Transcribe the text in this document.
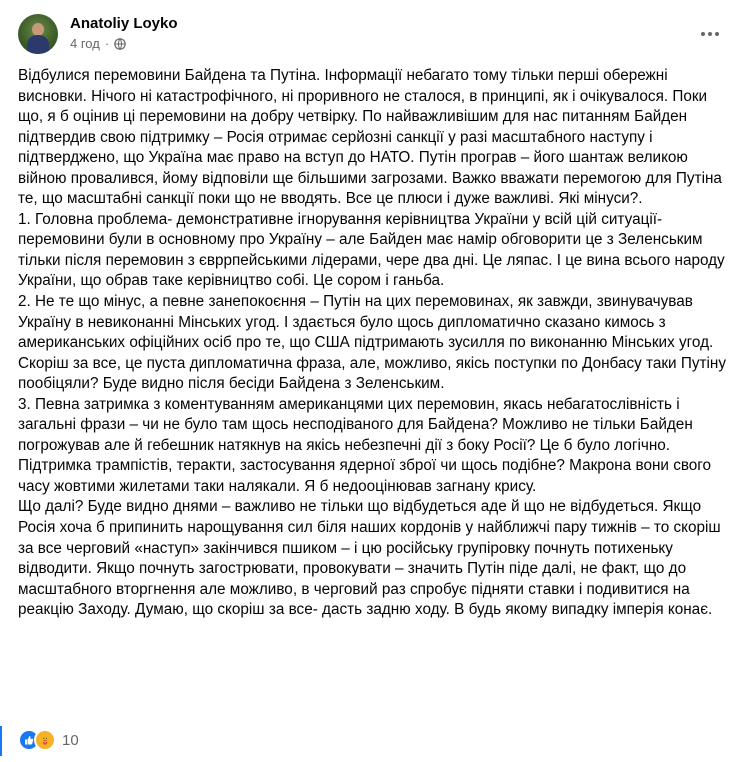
Anatoliy Loyko
4 год ·

Відбулися перемовини Байдена та Путіна. Інформації небагато тому тільки перші обережні висновки. Нічого ні катастрофічного, ні проривного не сталося, в принципі, як і очікувалося. Поки що, я б оцінив ці перемовини на добру четвірку. По найважливішим для нас питанням Байден підтвердив свою підтримку – Росія отримає серйозні санкції у разі масштабного наступу і підтверджено, що Україна має право на вступ до НАТО. Путін програв – його шантаж великою війною провалився, йому відповіли ще більшими загрозами. Важко вважати перемогою для Путіна те, що масштабні санкції поки що не вводять. Все це плюси і дуже важливі. Які мінуси?.

1. Головна проблема- демонстративне ігнорування керівництва України у всій цій ситуації- перемовини були в основному про Україну – але Байден має намір обговорити це з Зеленським тільки після перемовин з євррпейськими лідерами, чере два дні. Це ляпас. І це вина всього народу України, що обрав таке керівництво собі. Це сором і ганьба.

2. Не те що мінус, а певне занепокоєння – Путін на цих перемовинах, як завжди, звинувачував Україну в невиконанні Мінських угод. І здається було щось дипломатично сказано кимось з американських офіційних осіб про те, що США підтримають зусилля по виконанню Мінських угод. Скоріш за все, це пуста дипломатична фраза, але, можливо, якісь поступки по Донбасу таки Путіну пообіцяли? Буде видно після бесіди Байдена з Зеленським.

3. Певна затримка з коментуванням американцями цих перемовин, якась небагатослівність і загальні фрази – чи не було там щось несподіваного для Байдена? Можливо не тільки Байден погрожував але й гебешник натякнув на якісь небезпечні дії з боку Росії? Це б було логічно. Підтримка трампістів, теракти, застосування ядерної зброї чи щось подібне? Макрона вони свого часу жовтими жилетами таки налякали. Я б недооцінював загнану крису.

Що далі? Буде видно днями – важливо не тільки що відбудеться аде й що не відбудеться. Якщо Росія хоча б припинить нарощування сил біля наших кордонів у найближчі пару тижнів – то скоріш за все черговий «наступ» закінчився пшиком – і цю російську групіровку почнуть потихеньку відводити. Якщо почнуть загострювати, провокувати – значить Путін піде далі, не факт, що до масштабного вторгнення але можливо, в черговий раз спробує підняти ставки і подивитися на реакцію Заходу. Думаю, що скоріш за все- дасть задню ходу. В будь якому випадку імперія конає.

10
